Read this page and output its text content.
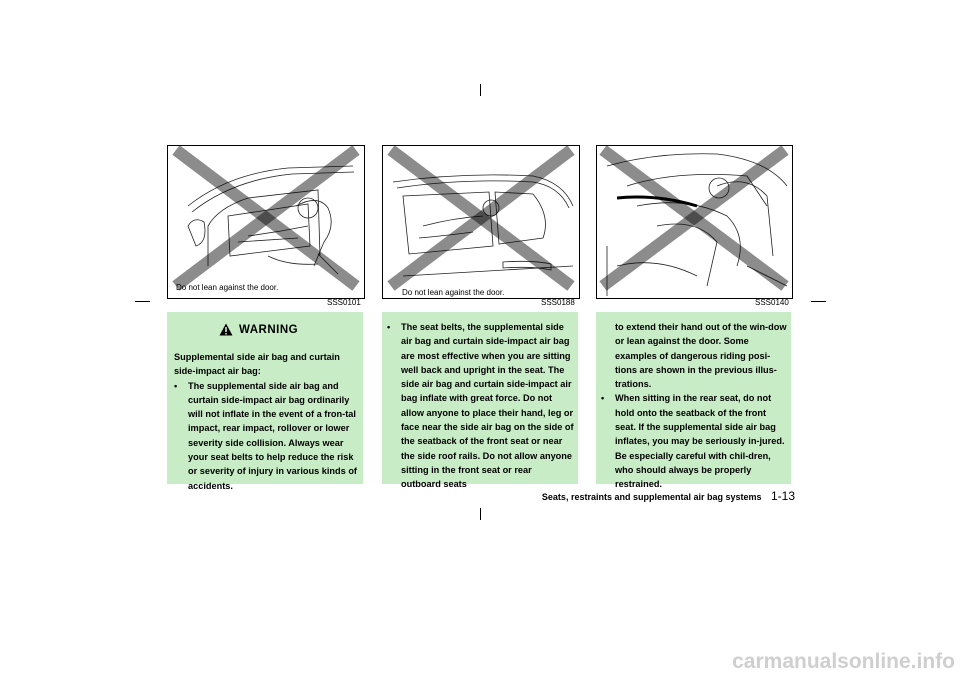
Do not lean against the door.
SSS0101
Do not lean against the door.
SSS0188	SSS0140
WARNING

Supplemental side air bag and curtain side-impact air bag:

• The supplemental side air bag and curtain side-impact air bag ordinarily will not inflate in the event of a fron-tal impact, rear impact, rollover or lower severity side collision. Always wear your seat belts to help reduce the risk or severity of injury in various kinds of accidents.

• The seat belts, the supplemental side air bag and curtain side-impact air bag are most effective when you are sitting well back and upright in the seat. The side air bag and curtain side-impact air bag inflate with great force. Do not allow anyone to place their hand, leg or face near the side air bag on the side of the seatback of the front seat or near the side roof rails. Do not allow anyone sitting in the front seat or rear outboard seats

to extend their hand out of the win-dow or lean against the door. Some examples of dangerous riding posi-tions are shown in the previous illus-trations.

• When sitting in the rear seat, do not hold onto the seatback of the front seat. If the supplemental side air bag inflates, you may be seriously in-jured. Be especially careful with chil-dren, who should always be properly restrained.

Seats, restraints and supplemental air bag systems 1-13
carmanualsonline.info
